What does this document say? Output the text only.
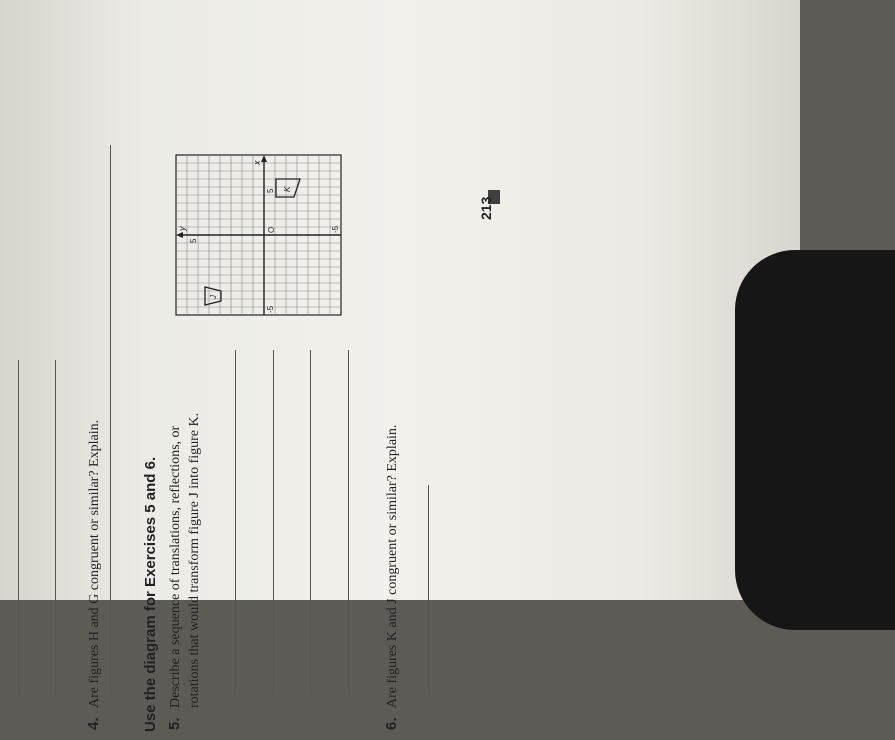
4.
Are figures H and G congruent or similar? Explain.	Use the diagram for Exercises 5 and 6. 5.
Describe a sequence of translations, reflections, or rotations that would transform figure J into figure K.
y
x
O
5
-5
5
-5
J
K
6.
Are figures K and J congruent or similar? Explain.
213
